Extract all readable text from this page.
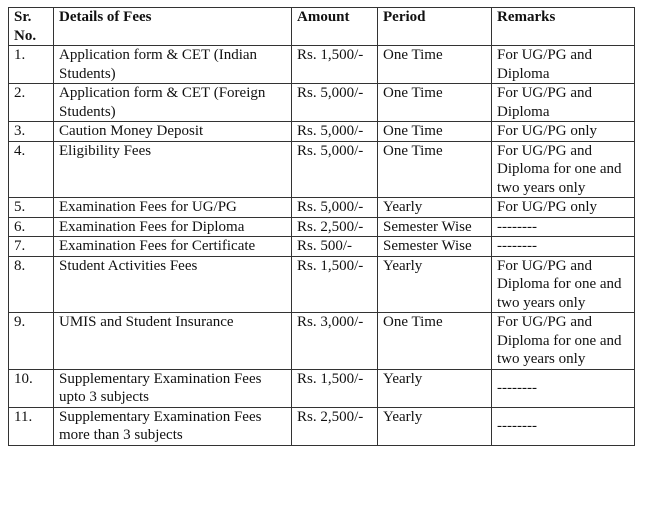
Sr. No.	Details of Fees	Amount	Period	Remarks
1.	Application form & CET (Indian Students)	Rs. 1,500/-	One Time	For UG/PG and Diploma
2.	Application form & CET (Foreign Students)	Rs. 5,000/-	One Time	For UG/PG and Diploma
3.	Caution Money Deposit	Rs. 5,000/-	One Time	For UG/PG only
4.	Eligibility Fees	Rs. 5,000/-	One Time	For UG/PG and Diploma for one and two years only
5.	Examination Fees for UG/PG	Rs. 5,000/-	Yearly	For UG/PG only
6.	Examination Fees for Diploma	Rs. 2,500/-	Semester Wise	--------
7.	Examination Fees for Certificate	Rs. 500/-	Semester Wise	--------
8.	Student Activities Fees	Rs. 1,500/-	Yearly	For UG/PG and Diploma for one and two years only
9.	UMIS and Student Insurance	Rs. 3,000/-	One Time	For UG/PG and Diploma for one and two years only
10.	Supplementary Examination Fees upto 3 subjects	Rs. 1,500/-	Yearly	--------
11.	Supplementary Examination Fees more than 3 subjects	Rs. 2,500/-	Yearly	--------
